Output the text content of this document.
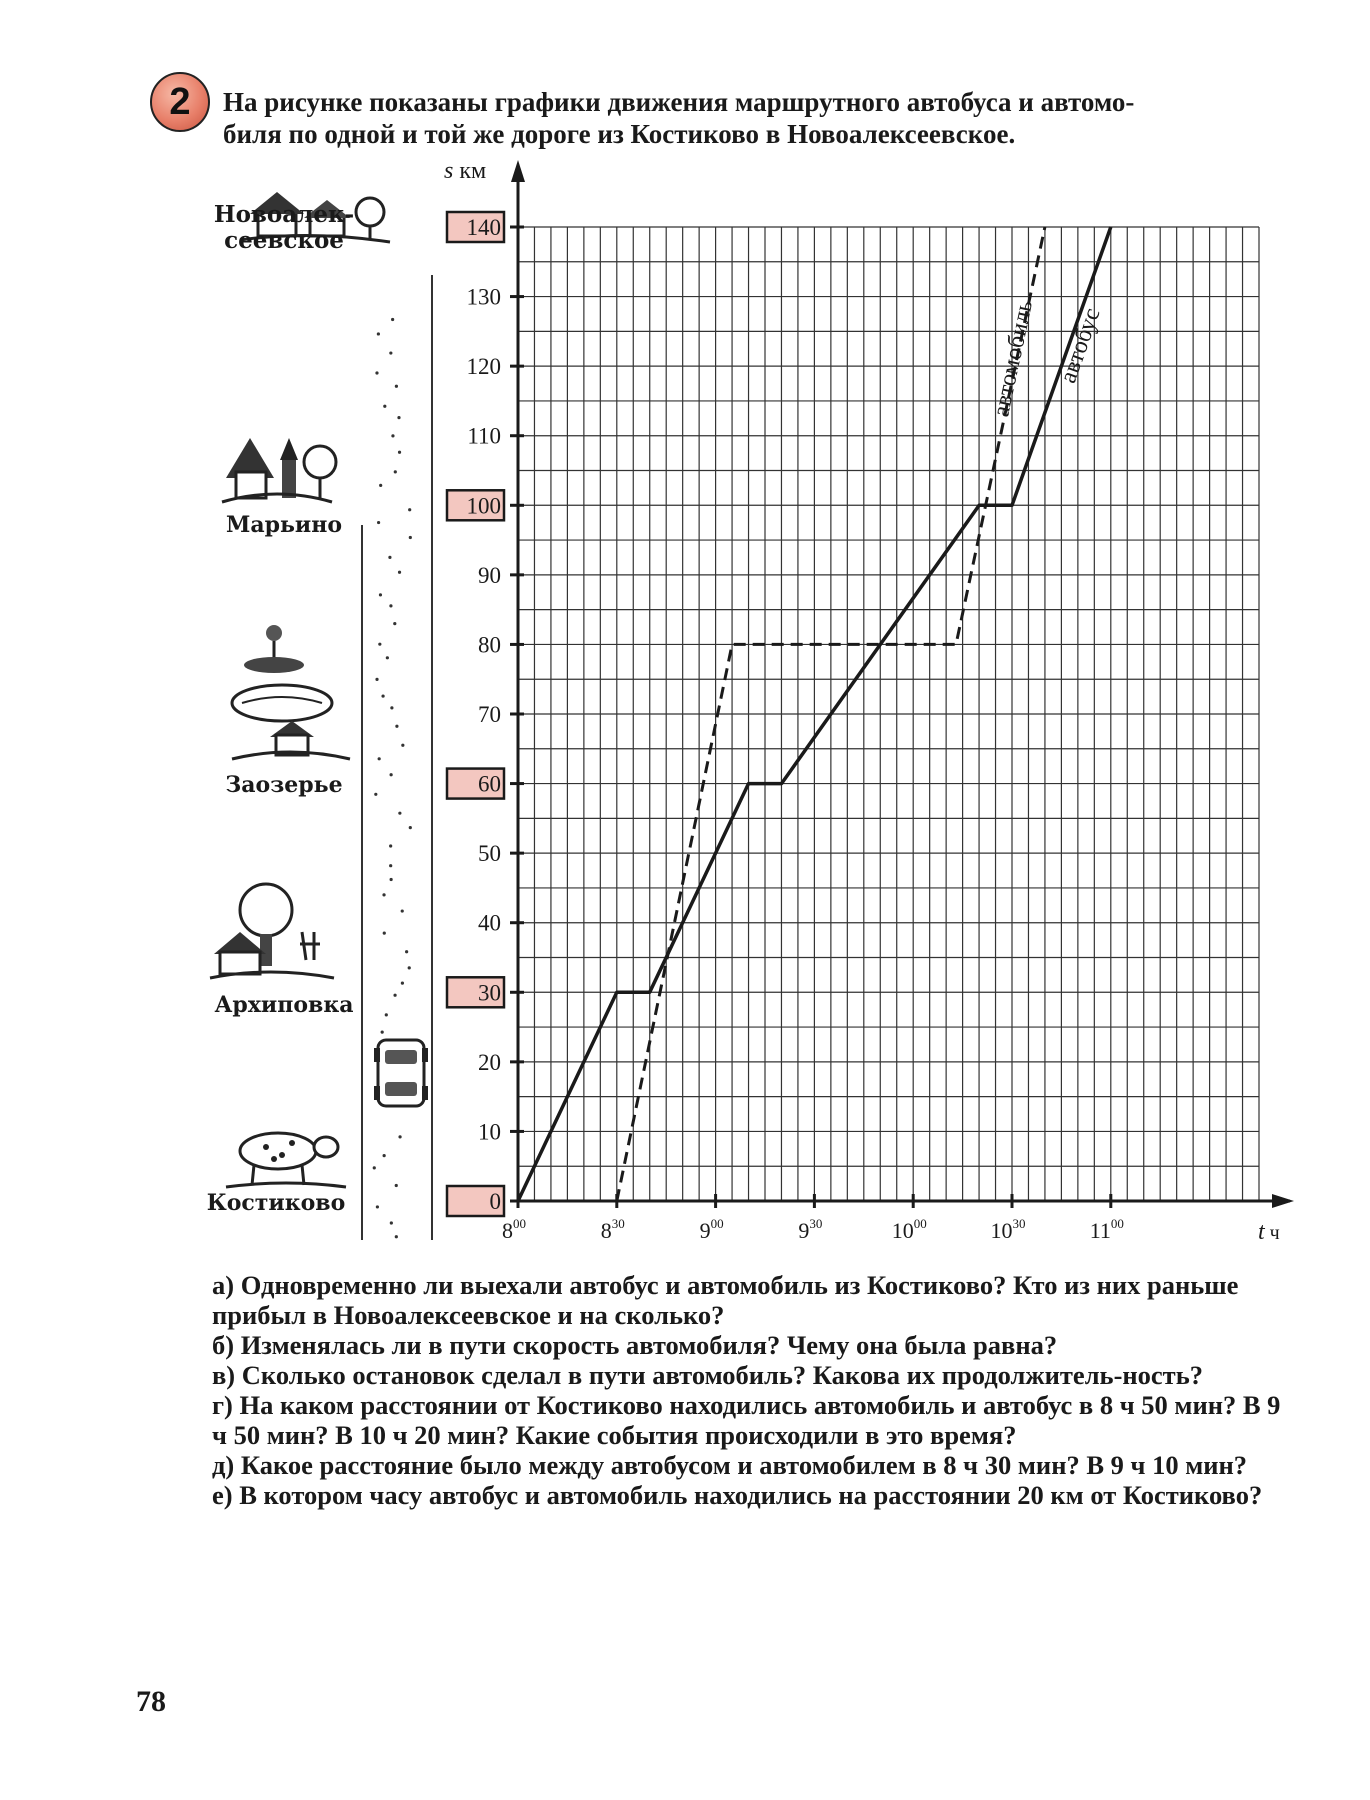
2 На рисунке показаны графики движения маршрутного автобуса и автомо-

биля по одной и той же дороге из Костиково в Новоалексеевское.

Новоалек-
сеевское
Марьино
Заозерье
Архиповка
Костиково	0
10
20
30
40
50
60
70
80
90
100
110
120
130
140
$8^{00}$	$8^{30}$	$9^{00}$	$9^{30}$	$10^{00}$	$10^{30}$	$11^{00}$
автобус
автомобиль
s км
t ч

а) Одновременно ли выехали автобус и автомобиль из Костиково? Кто из них раньше прибыл в Новоалексеевское и на сколько?

б) Изменялась ли в пути скорость автомобиля? Чему она была равна?

в) Сколько остановок сделал в пути автомобиль? Какова их продолжитель-ность?

г) На каком расстоянии от Костиково находились автомобиль и автобус в 8 ч 50 мин? В 9 ч 50 мин? В 10 ч 20 мин? Какие события происходили в это время?

д) Какое расстояние было между автобусом и автомобилем в 8 ч 30 мин? В 9 ч 10 мин?

е) В котором часу автобус и автомобиль находились на расстоянии 20 км от Костиково?

78
